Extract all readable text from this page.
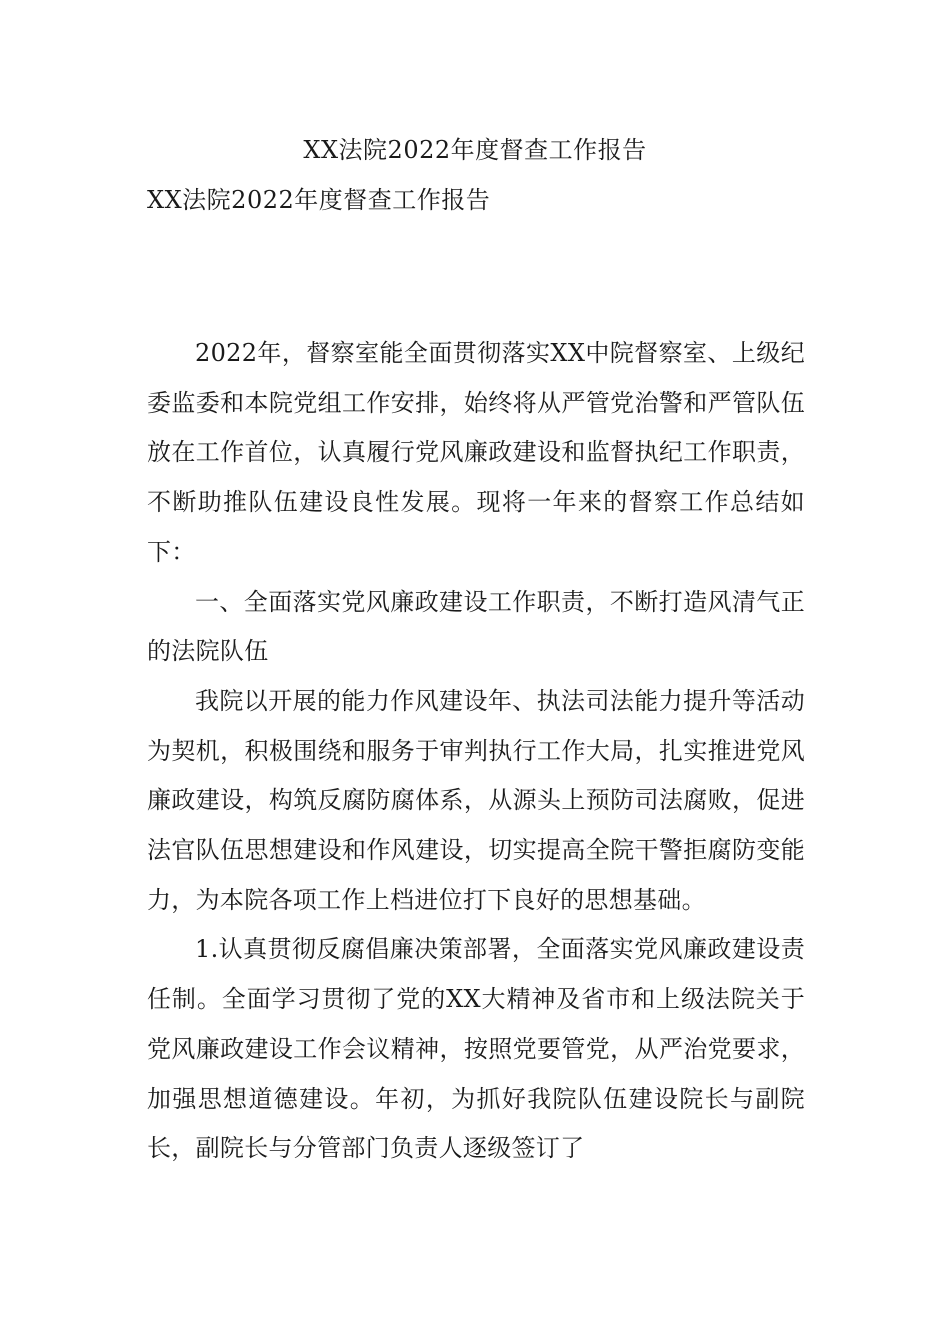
XX法院2022年度督查工作报告
XX法院2022年度督查工作报告

2022年，督察室能全面贯彻落实XX中院督察室、上级纪委监委和本院党组工作安排，始终将从严管党治警和严管队伍放在工作首位，认真履行党风廉政建设和监督执纪工作职责，不断助推队伍建设良性发展。现将一年来的督察工作总结如下：

一、全面落实党风廉政建设工作职责，不断打造风清气正的法院队伍

我院以开展的能力作风建设年、执法司法能力提升等活动为契机，积极围绕和服务于审判执行工作大局，扎实推进党风廉政建设，构筑反腐防腐体系，从源头上预防司法腐败，促进法官队伍思想建设和作风建设，切实提高全院干警拒腐防变能力，为本院各项工作上档进位打下良好的思想基础。

1.认真贯彻反腐倡廉决策部署，全面落实党风廉政建设责任制。全面学习贯彻了党的XX大精神及省市和上级法院关于党风廉政建设工作会议精神，按照党要管党，从严治党要求，加强思想道德建设。年初，为抓好我院队伍建设院长与副院长，副院长与分管部门负责人逐级签订了
